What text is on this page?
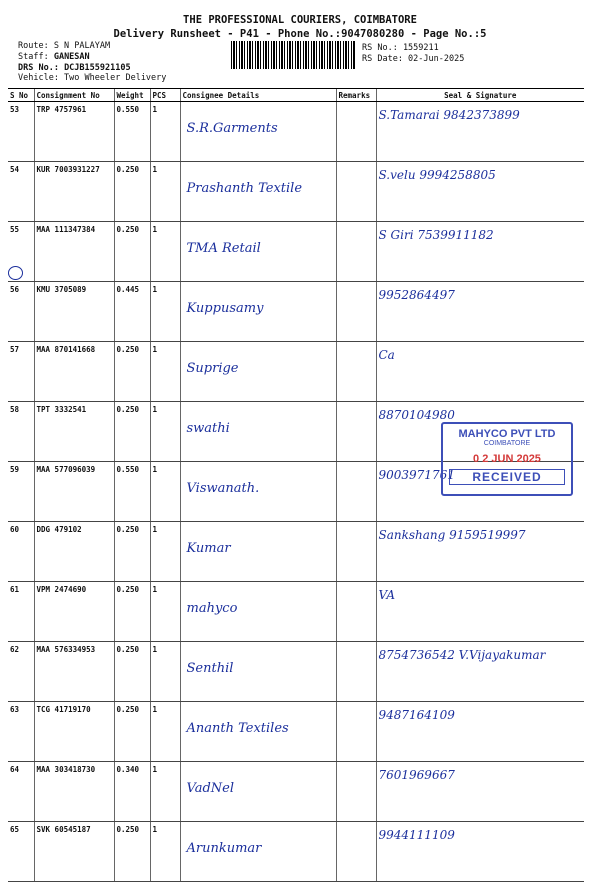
THE PROFESSIONAL COURIERS, COIMBATORE
Delivery Runsheet - P41 - Phone No.:9047080280 - Page No.:5
Route: S N PALAYAM
Staff: GANESAN
DRS No.: DCJB155921105
RS No.: 1559211
RS Date: 02-Jun-2025
Vehicle: Two Wheeler Delivery
S No	Consignment No	Weight	PCS	Consignee Details	Remarks	Seal & Signature
53	TRP 4757961	0.550	1	S.R.Garments		S.Tamarai 9842373899
54	KUR 7003931227	0.250	1	Prashanth Textile		S.velu 9994258805
55	MAA 111347384	0.250	1	TMA Retail		S Giri 7539911182
56	KMU 3705089	0.445	1	Kuppusamy		9952864497
57	MAA 870141668	0.250	1	Suprige		Ca
58	TPT 3332541	0.250	1	swathi		8870104980
59	MAA 577096039	0.550	1	Viswanath.		9003971761
60	DDG 479102	0.250	1	Kumar		Sankshang 9159519997
61	VPM 2474690	0.250	1	mahyco		VA
62	MAA 576334953	0.250	1	Senthil		8754736542 V.Vijayakumar
63	TCG 41719170	0.250	1	Ananth Textiles		9487164109
64	MAA 303418730	0.340	1	VadNel		7601969667
65	SVK 60545187	0.250	1	Arunkumar		9944111109
MAHYCO PVT LTD
COIMBATORE
0 2 JUN 2025
RECEIVED
